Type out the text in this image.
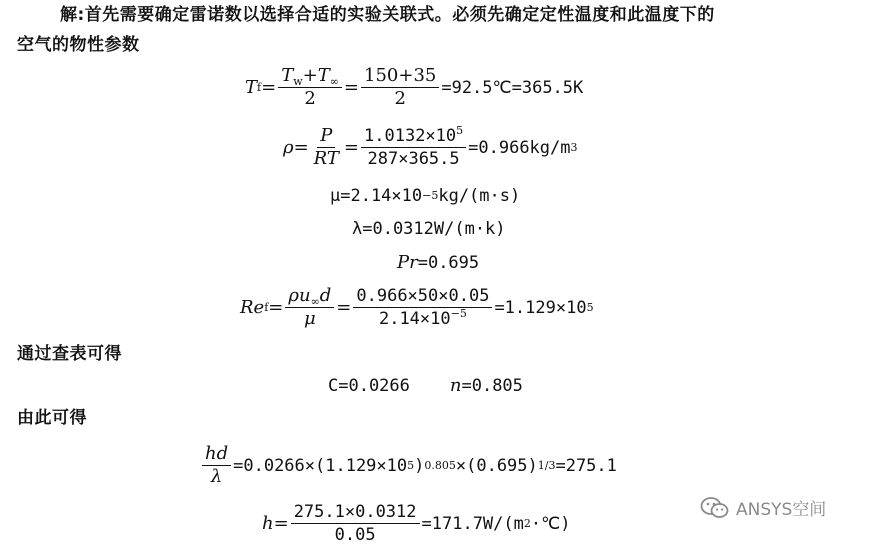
解:首先需要确定雷诺数以选择合适的实验关联式。必须先确定定性温度和此温度下的
空气的物性参数
T $f = \frac{T_w+T_\infty}{2} = \frac{150+35}{2}$ =92.5℃=365.5K
$\rho= \frac{P}{RT} = \frac{1.0132\times 10^5}{287\times 365.5} =0.966kg/m$ 3
μ=2.14×10 −5 kg/(m·s)
λ=0.0312W/(m·k)
Pr =0.695
Re $f = \frac{\rho u_\infty d}{\mu} = \frac{0.966\times 50\times 0.05}{2.14\times 10^{-5}} =1.129\times 10$ 5
通过查表可得
C=0.0266 n =0.805
由此可得
$\frac{hd}{\lambda} =0.0266\times(1.129\times 10$ 5 ) 0.805 ×(0.695) 1/3 =275.1
$h= \frac{275.1\times 0.0312}{0.05} =171.7W/(m$ 2 ·℃)
ANSYS空间
